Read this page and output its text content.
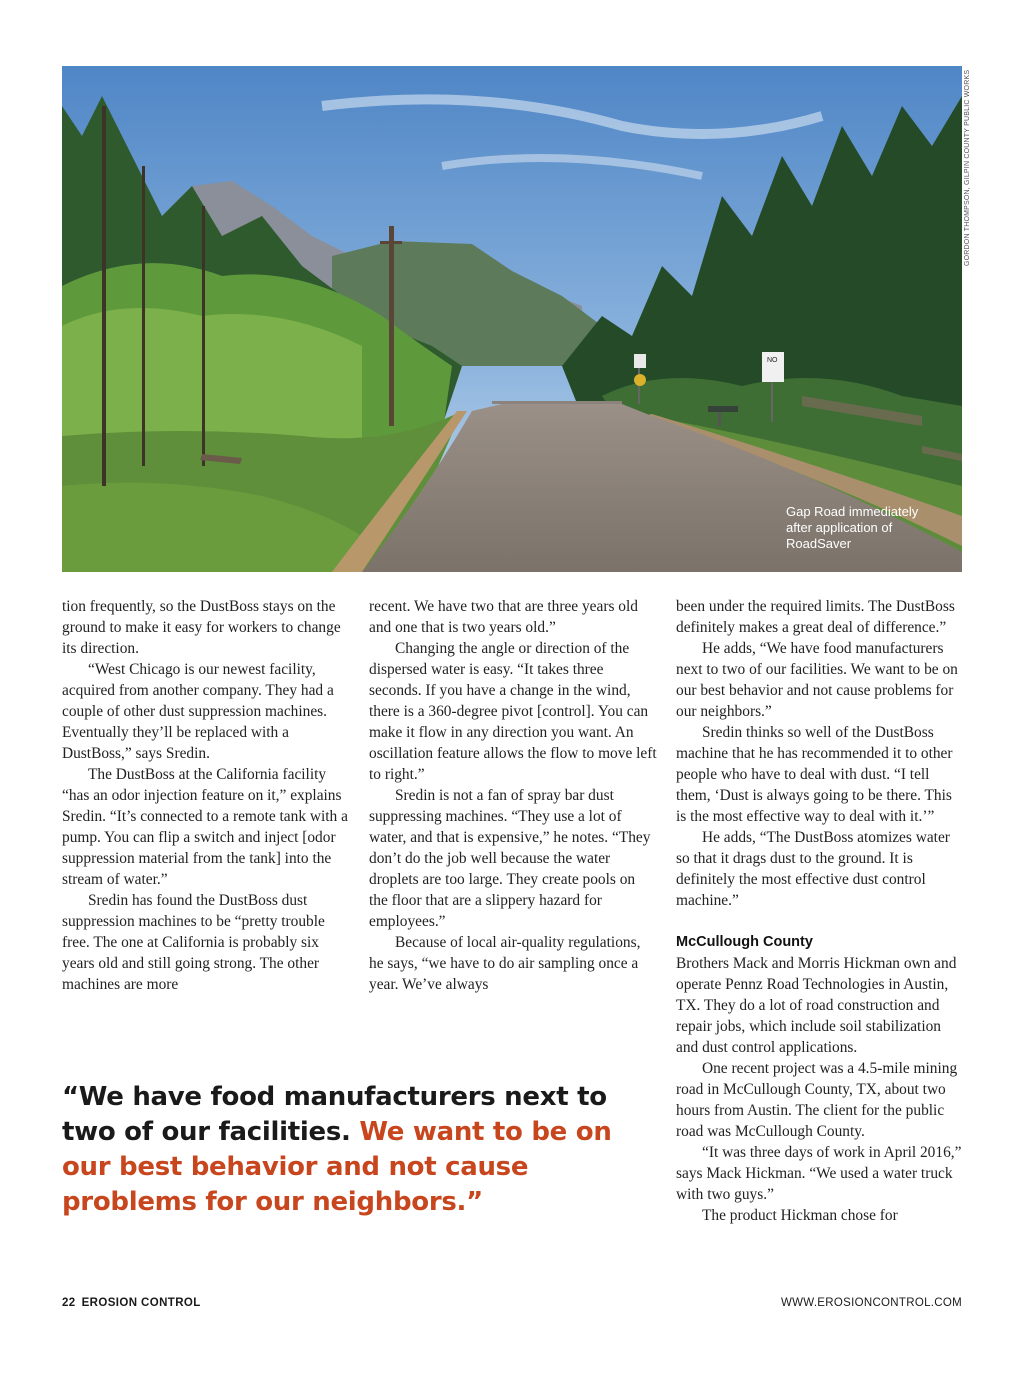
NO
Gap Road immediately after application of RoadSaver
GORDON THOMPSON, GILPIN COUNTY PUBLIC WORKS

tion frequently, so the DustBoss stays on the ground to make it easy for workers to change its direction.

“West Chicago is our newest facility, acquired from another company. They had a couple of other dust suppression machines. Eventually they’ll be replaced with a DustBoss,” says Sredin.

The DustBoss at the California facility “has an odor injection feature on it,” explains Sredin. “It’s connected to a remote tank with a pump. You can flip a switch and inject [odor suppression material from the tank] into the stream of water.”

Sredin has found the DustBoss dust suppression machines to be “pretty trouble free. The one at California is probably six years old and still going strong. The other machines are more

recent. We have two that are three years old and one that is two years old.”

Changing the angle or direction of the dispersed water is easy. “It takes three seconds. If you have a change in the wind, there is a 360-degree pivot [control]. You can make it flow in any direction you want. An oscillation feature allows the flow to move left to right.”

Sredin is not a fan of spray bar dust suppressing machines. “They use a lot of water, and that is expensive,” he notes. “They don’t do the job well because the water droplets are too large. They create pools on the floor that are a slippery hazard for employees.”

Because of local air-quality regulations, he says, “we have to do air sampling once a year. We’ve always

been under the required limits. The DustBoss definitely makes a great deal of difference.”

He adds, “We have food manufacturers next to two of our facilities. We want to be on our best behavior and not cause problems for our neighbors.”

Sredin thinks so well of the DustBoss machine that he has recommended it to other people who have to deal with dust. “I tell them, ‘Dust is always going to be there. This is the most effective way to deal with it.’”

He adds, “The DustBoss atomizes water so that it drags dust to the ground. It is definitely the most effective dust control machine.”

McCullough County

Brothers Mack and Morris Hickman own and operate Pennz Road Technologies in Austin, TX. They do a lot of road construction and repair jobs, which include soil stabilization and dust control applications.

One recent project was a 4.5-mile mining road in McCullough County, TX, about two hours from Austin. The client for the public road was McCullough County.

“It was three days of work in April 2016,” says Mack Hickman. “We used a water truck with two guys.”

The product Hickman chose for

“We have food manufacturers next to two of our facilities. We want to be on our best behavior and not cause problems for our neighbors.”
22 EROSION CONTROL	WWW.EROSIONCONTROL.COM
